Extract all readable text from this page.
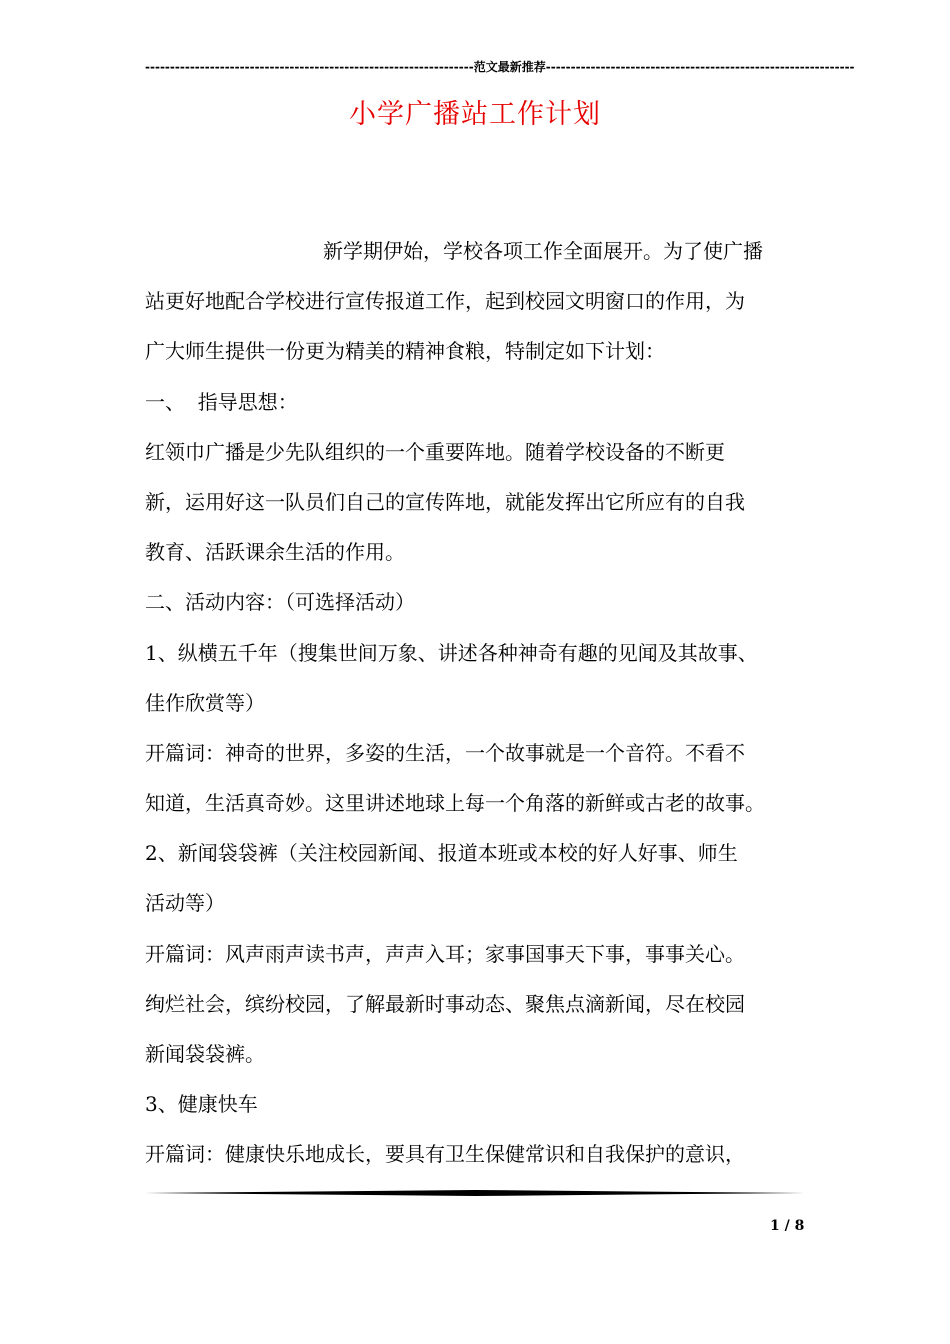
------------------------------------------------------------------范文最新推荐--------------------------------------------------------------
小学广播站工作计划
新学期伊始，学校各项工作全面展开。为了使广播
站更好地配合学校进行宣传报道工作，起到校园文明窗口的作用，为
广大师生提供一份更为精美的精神食粮，特制定如下计划：
一、  指导思想：
红领巾广播是少先队组织的一个重要阵地。随着学校设备的不断更
新，运用好这一队员们自己的宣传阵地，就能发挥出它所应有的自我
教育、活跃课余生活的作用。
二、活动内容：（可选择活动）
1、纵横五千年（搜集世间万象、讲述各种神奇有趣的见闻及其故事、
佳作欣赏等）
开篇词：神奇的世界，多姿的生活，一个故事就是一个音符。不看不
知道，生活真奇妙。这里讲述地球上每一个角落的新鲜或古老的故事。
2、新闻袋袋裤（关注校园新闻、报道本班或本校的好人好事、师生
活动等）
开篇词：风声雨声读书声，声声入耳；家事国事天下事，事事关心。
绚烂社会，缤纷校园，了解最新时事动态、聚焦点滴新闻，尽在校园
新闻袋袋裤。
3、健康快车
开篇词：健康快乐地成长，要具有卫生保健常识和自我保护的意识，
1 / 8
